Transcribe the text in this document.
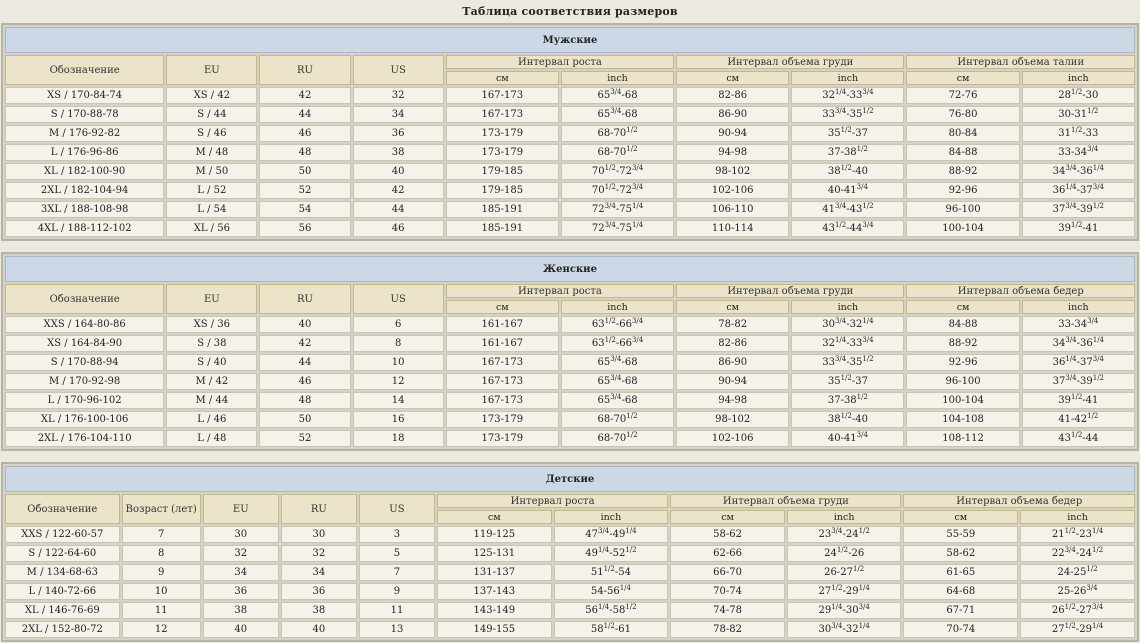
Таблица соответствия размеров
Мужские									
Обозначение	EU	RU	US	Интервал роста		Интервал объема груди		Интервал объема талии	
				см	inch	см	inch	см	inch
XS / 170-84-74	XS / 42	42	32	167-173	$65^{3/4}-68$	82-86	$32^{1/4}-33^{3/4}$	72-76	$28^{1/2}-30$
S / 170-88-78	S / 44	44	34	167-173	$65^{3/4}-68$	86-90	$33^{3/4}-35^{1/2}$	76-80	$30-31^{1/2}$
M / 176-92-82	S / 46	46	36	173-179	$68-70^{1/2}$	90-94	$35^{1/2}-37$	80-84	$31^{1/2}-33$
L / 176-96-86	M / 48	48	38	173-179	$68-70^{1/2}$	94-98	$37-38^{1/2}$	84-88	$33-34^{3/4}$
XL / 182-100-90	M / 50	50	40	179-185	$70^{1/2}-72^{3/4}$	98-102	$38^{1/2}-40$	88-92	$34^{3/4}-36^{1/4}$
2XL / 182-104-94	L / 52	52	42	179-185	$70^{1/2}-72^{3/4}$	102-106	$40-41^{3/4}$	92-96	$36^{1/4}-37^{3/4}$
3XL / 188-108-98	L / 54	54	44	185-191	$72^{3/4}-75^{1/4}$	106-110	$41^{3/4}-43^{1/2}$	96-100	$37^{3/4}-39^{1/2}$
4XL / 188-112-102	XL / 56	56	46	185-191	$72^{3/4}-75^{1/4}$	110-114	$43^{1/2}-44^{3/4}$	100-104	$39^{1/2}-41$
Женские									
Обозначение	EU	RU	US	Интервал роста		Интервал объема груди		Интервал объема бедер	
				см	inch	см	inch	см	inch
XXS / 164-80-86	XS / 36	40	6	161-167	$63^{1/2}-66^{3/4}$	78-82	$30^{3/4}-32^{1/4}$	84-88	$33-34^{3/4}$
XS / 164-84-90	S / 38	42	8	161-167	$63^{1/2}-66^{3/4}$	82-86	$32^{1/4}-33^{3/4}$	88-92	$34^{3/4}-36^{1/4}$
S / 170-88-94	S / 40	44	10	167-173	$65^{3/4}-68$	86-90	$33^{3/4}-35^{1/2}$	92-96	$36^{1/4}-37^{3/4}$
M / 170-92-98	M / 42	46	12	167-173	$65^{3/4}-68$	90-94	$35^{1/2}-37$	96-100	$37^{3/4}-39^{1/2}$
L / 170-96-102	M / 44	48	14	167-173	$65^{3/4}-68$	94-98	$37-38^{1/2}$	100-104	$39^{1/2}-41$
XL / 176-100-106	L / 46	50	16	173-179	$68-70^{1/2}$	98-102	$38^{1/2}-40$	104-108	$41-42^{1/2}$
2XL / 176-104-110	L / 48	52	18	173-179	$68-70^{1/2}$	102-106	$40-41^{3/4}$	108-112	$43^{1/2}-44$
Детские										
Обозначение	Возраст (лет)	EU	RU	US	Интервал роста		Интервал объема груди		Интервал объема бедер	
					см	inch	см	inch	см	inch
XXS / 122-60-57	7	30	30	3	119-125	$47^{3/4}-49^{1/4}$	58-62	$23^{3/4}-24^{1/2}$	55-59	$21^{1/2}-23^{1/4}$
S / 122-64-60	8	32	32	5	125-131	$49^{1/4}-52^{1/2}$	62-66	$24^{1/2}-26$	58-62	$22^{3/4}-24^{1/2}$
M / 134-68-63	9	34	34	7	131-137	$51^{1/2}-54$	66-70	$26-27^{1/2}$	61-65	$24-25^{1/2}$
L / 140-72-66	10	36	36	9	137-143	$54-56^{1/4}$	70-74	$27^{1/2}-29^{1/4}$	64-68	$25-26^{3/4}$
XL / 146-76-69	11	38	38	11	143-149	$56^{1/4}-58^{1/2}$	74-78	$29^{1/4}-30^{3/4}$	67-71	$26^{1/2}-27^{3/4}$
2XL / 152-80-72	12	40	40	13	149-155	$58^{1/2}-61$	78-82	$30^{3/4}-32^{1/4}$	70-74	$27^{1/2}-29^{1/4}$
